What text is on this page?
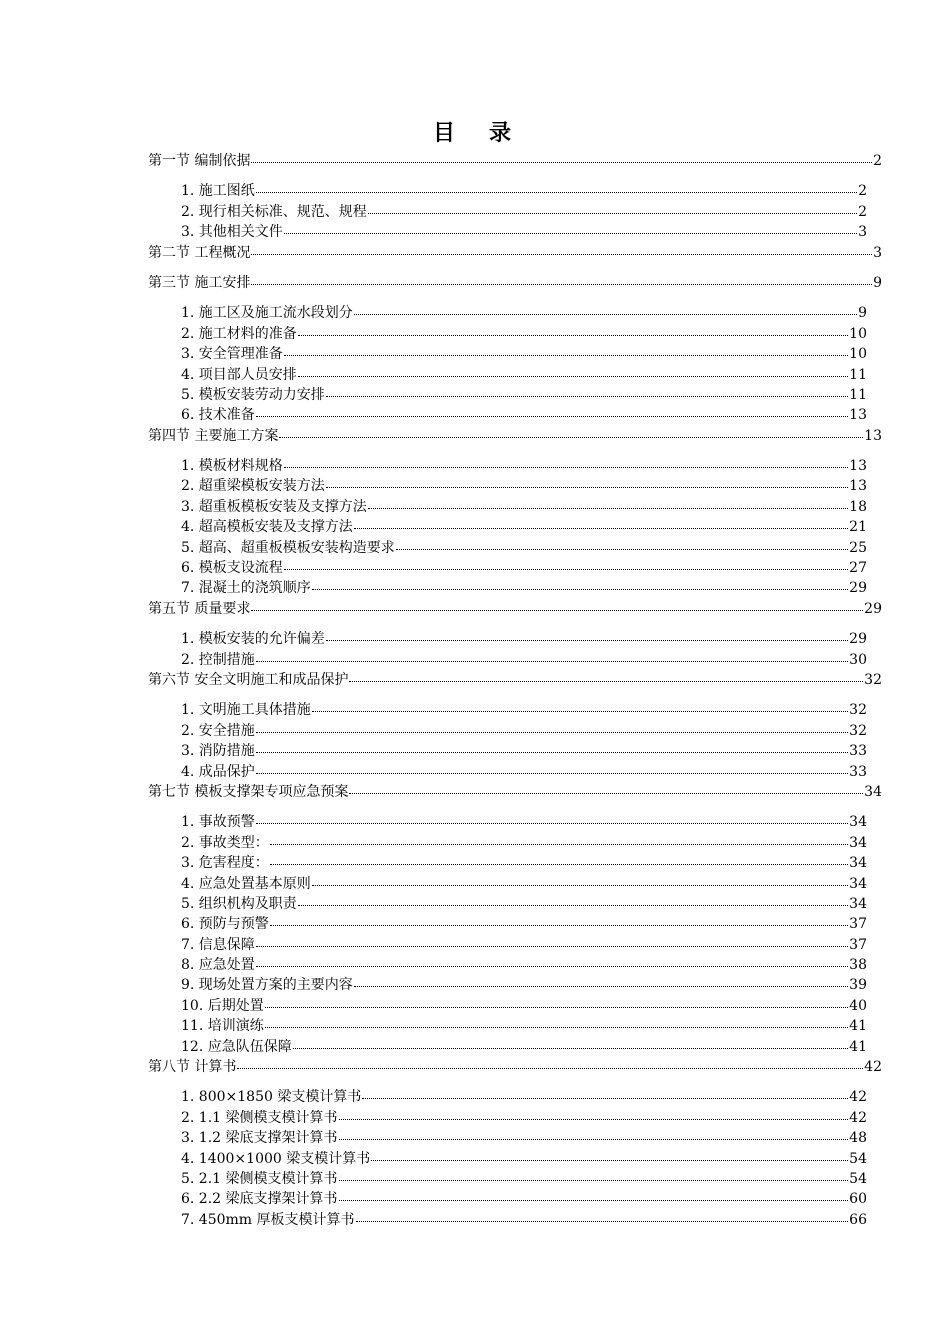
目　录
第一节 编制依据	2
1. 施工图纸	2
2. 现行相关标准、规范、规程	2
3. 其他相关文件	3
第二节 工程概况	3
第三节 施工安排	9
1. 施工区及施工流水段划分	9
2. 施工材料的准备	10
3. 安全管理准备	10
4. 项目部人员安排	11
5. 模板安装劳动力安排	11
6. 技术准备	13
第四节 主要施工方案	13
1. 模板材料规格	13
2. 超重梁模板安装方法	13
3. 超重板模板安装及支撑方法	18
4. 超高模板安装及支撑方法	21
5. 超高、超重板模板安装构造要求	25
6. 模板支设流程	27
7. 混凝土的浇筑顺序	29
第五节 质量要求	29
1. 模板安装的允许偏差	29
2. 控制措施	30
第六节 安全文明施工和成品保护	32
1. 文明施工具体措施	32
2. 安全措施	32
3. 消防措施	33
4. 成品保护	33
第七节 模板支撑架专项应急预案	34
1. 事故预警	34
2. 事故类型：	34
3. 危害程度：	34
4. 应急处置基本原则	34
5. 组织机构及职责	34
6. 预防与预警	37
7. 信息保障	37
8. 应急处置	38
9. 现场处置方案的主要内容	39
10. 后期处置	40
11. 培训演练	41
12. 应急队伍保障	41
第八节 计算书	42
1. 800×1850 梁支模计算书	42
2. 1.1 梁侧模支模计算书	42
3. 1.2 梁底支撑架计算书	48
4. 1400×1000 梁支模计算书	54
5. 2.1 梁侧模支模计算书	54
6. 2.2 梁底支撑架计算书	60
7. 450mm 厚板支模计算书	66
